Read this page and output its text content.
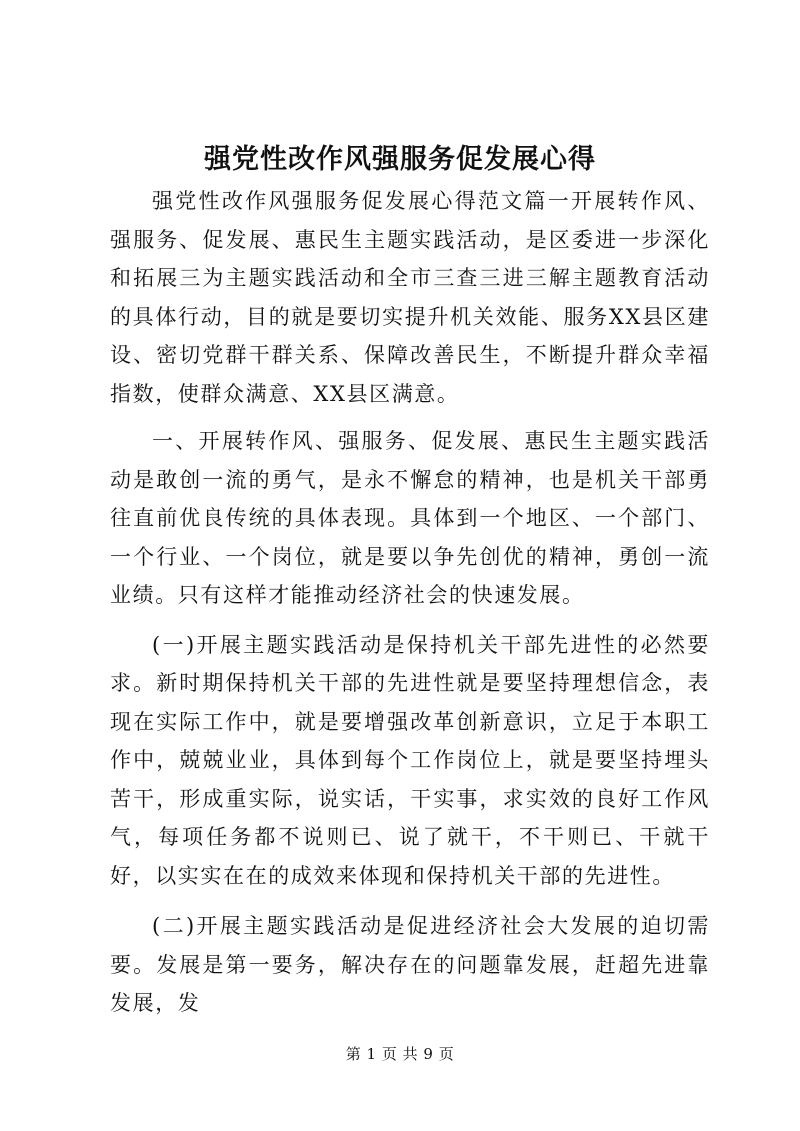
强党性改作风强服务促发展心得

强党性改作风强服务促发展心得范文篇一开展转作风、强服务、促发展、惠民生主题实践活动，是区委进一步深化和拓展三为主题实践活动和全市三查三进三解主题教育活动的具体行动，目的就是要切实提升机关效能、服务XX县区建设、密切党群干群关系、保障改善民生，不断提升群众幸福指数，使群众满意、XX县区满意。

一、开展转作风、强服务、促发展、惠民生主题实践活动是敢创一流的勇气，是永不懈怠的精神，也是机关干部勇往直前优良传统的具体表现。具体到一个地区、一个部门、一个行业、一个岗位，就是要以争先创优的精神，勇创一流业绩。只有这样才能推动经济社会的快速发展。

(一)开展主题实践活动是保持机关干部先进性的必然要求。新时期保持机关干部的先进性就是要坚持理想信念，表现在实际工作中，就是要增强改革创新意识，立足于本职工作中，兢兢业业，具体到每个工作岗位上，就是要坚持埋头苦干，形成重实际，说实话，干实事，求实效的良好工作风气，每项任务都不说则已、说了就干，不干则已、干就干好，以实实在在的成效来体现和保持机关干部的先进性。

(二)开展主题实践活动是促进经济社会大发展的迫切需要。发展是第一要务，解决存在的问题靠发展，赶超先进靠发展，发

第 1 页 共 9 页
